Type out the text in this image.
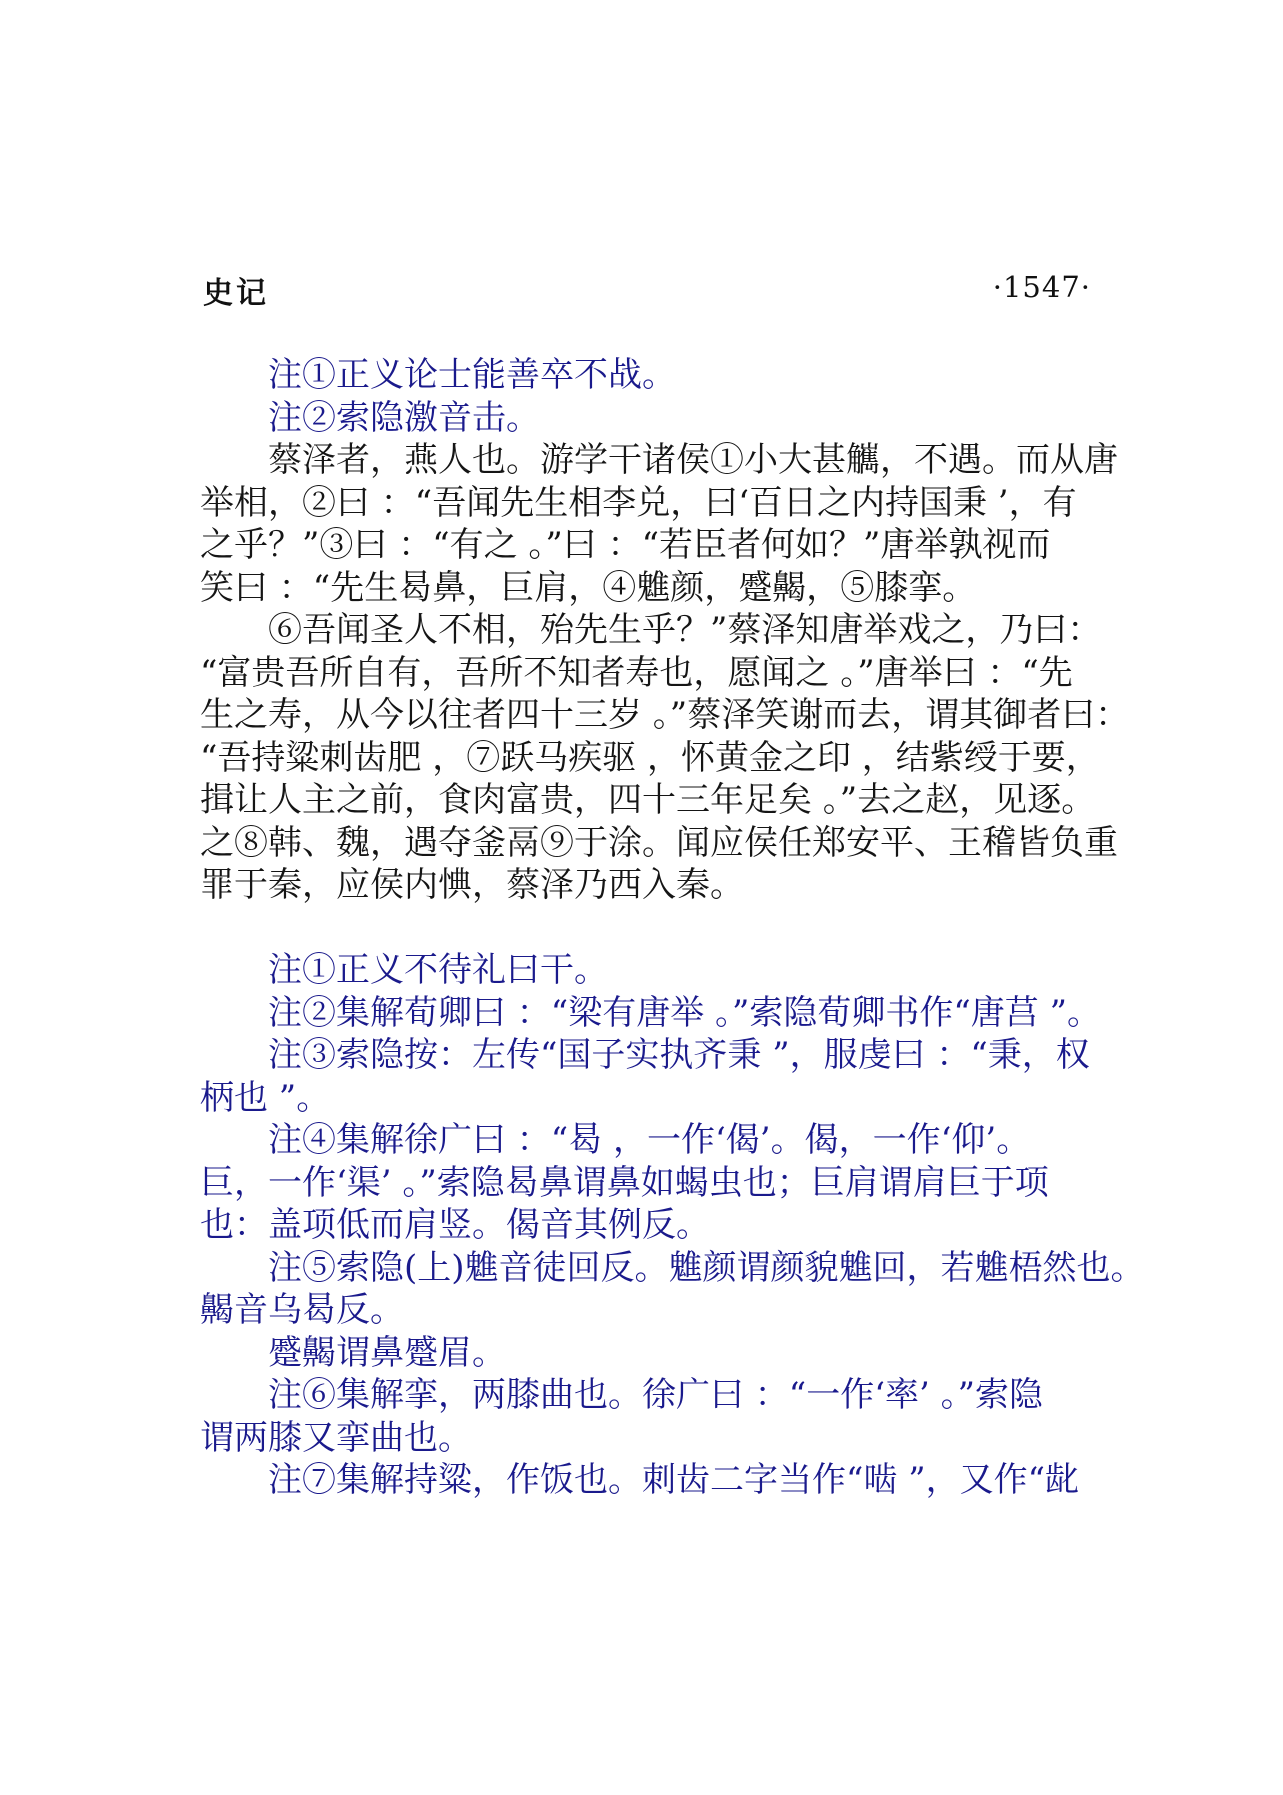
史记	·1547·
注①正义论士能善卒不战。
注②索隐激音击。
蔡泽者，燕人也。游学干诸侯①小大甚觽，不遇。而从唐
举相，②曰 ：“吾闻先生相李兑，曰‘百日之内持国秉 ’，有
之乎？”③曰 ：“有之 。”曰 ：“若臣者何如？”唐举孰视而
笑曰 ：“先生曷鼻，巨肩，④魋颜，蹙齃，⑤膝挛。
⑥吾闻圣人不相，殆先生乎？”蔡泽知唐举戏之，乃曰：
“富贵吾所自有，吾所不知者寿也，愿闻之 。”唐举曰 ：“先
生之寿，从今以往者四十三岁 。”蔡泽笑谢而去，谓其御者曰：
“吾持粱刺齿肥 ，⑦跃马疾驱 ，怀黄金之印 ，结紫绶于要，
揖让人主之前，食肉富贵，四十三年足矣 。”去之赵，见逐。
之⑧韩、魏，遇夺釜鬲⑨于涂。闻应侯任郑安平、王稽皆负重
罪于秦，应侯内㥏，蔡泽乃西入秦。
注①正义不待礼曰干。
注②集解荀卿曰 ：“梁有唐举 。”索隐荀卿书作“唐莒 ”。
注③索隐按：左传“国子实执齐秉 ”，服虔曰 ：“秉，权
柄也 ”。
注④集解徐广曰 ：“曷 ，一作‘偈’。偈，一作‘仰’。
巨，一作‘渠’ 。”索隐曷鼻谓鼻如蝎虫也；巨肩谓肩巨于项
也：盖项低而肩竖。偈音其例反。
注⑤索隐(上)魋音徒回反。魋颜谓颜貌魋回，若魋梧然也。
齃音乌曷反。
蹙齃谓鼻蹙眉。
注⑥集解挛，两膝曲也。徐广曰 ：“一作‘率’ 。”索隐
谓两膝又挛曲也。
注⑦集解持粱，作饭也。刺齿二字当作“啮 ”，又作“龀
